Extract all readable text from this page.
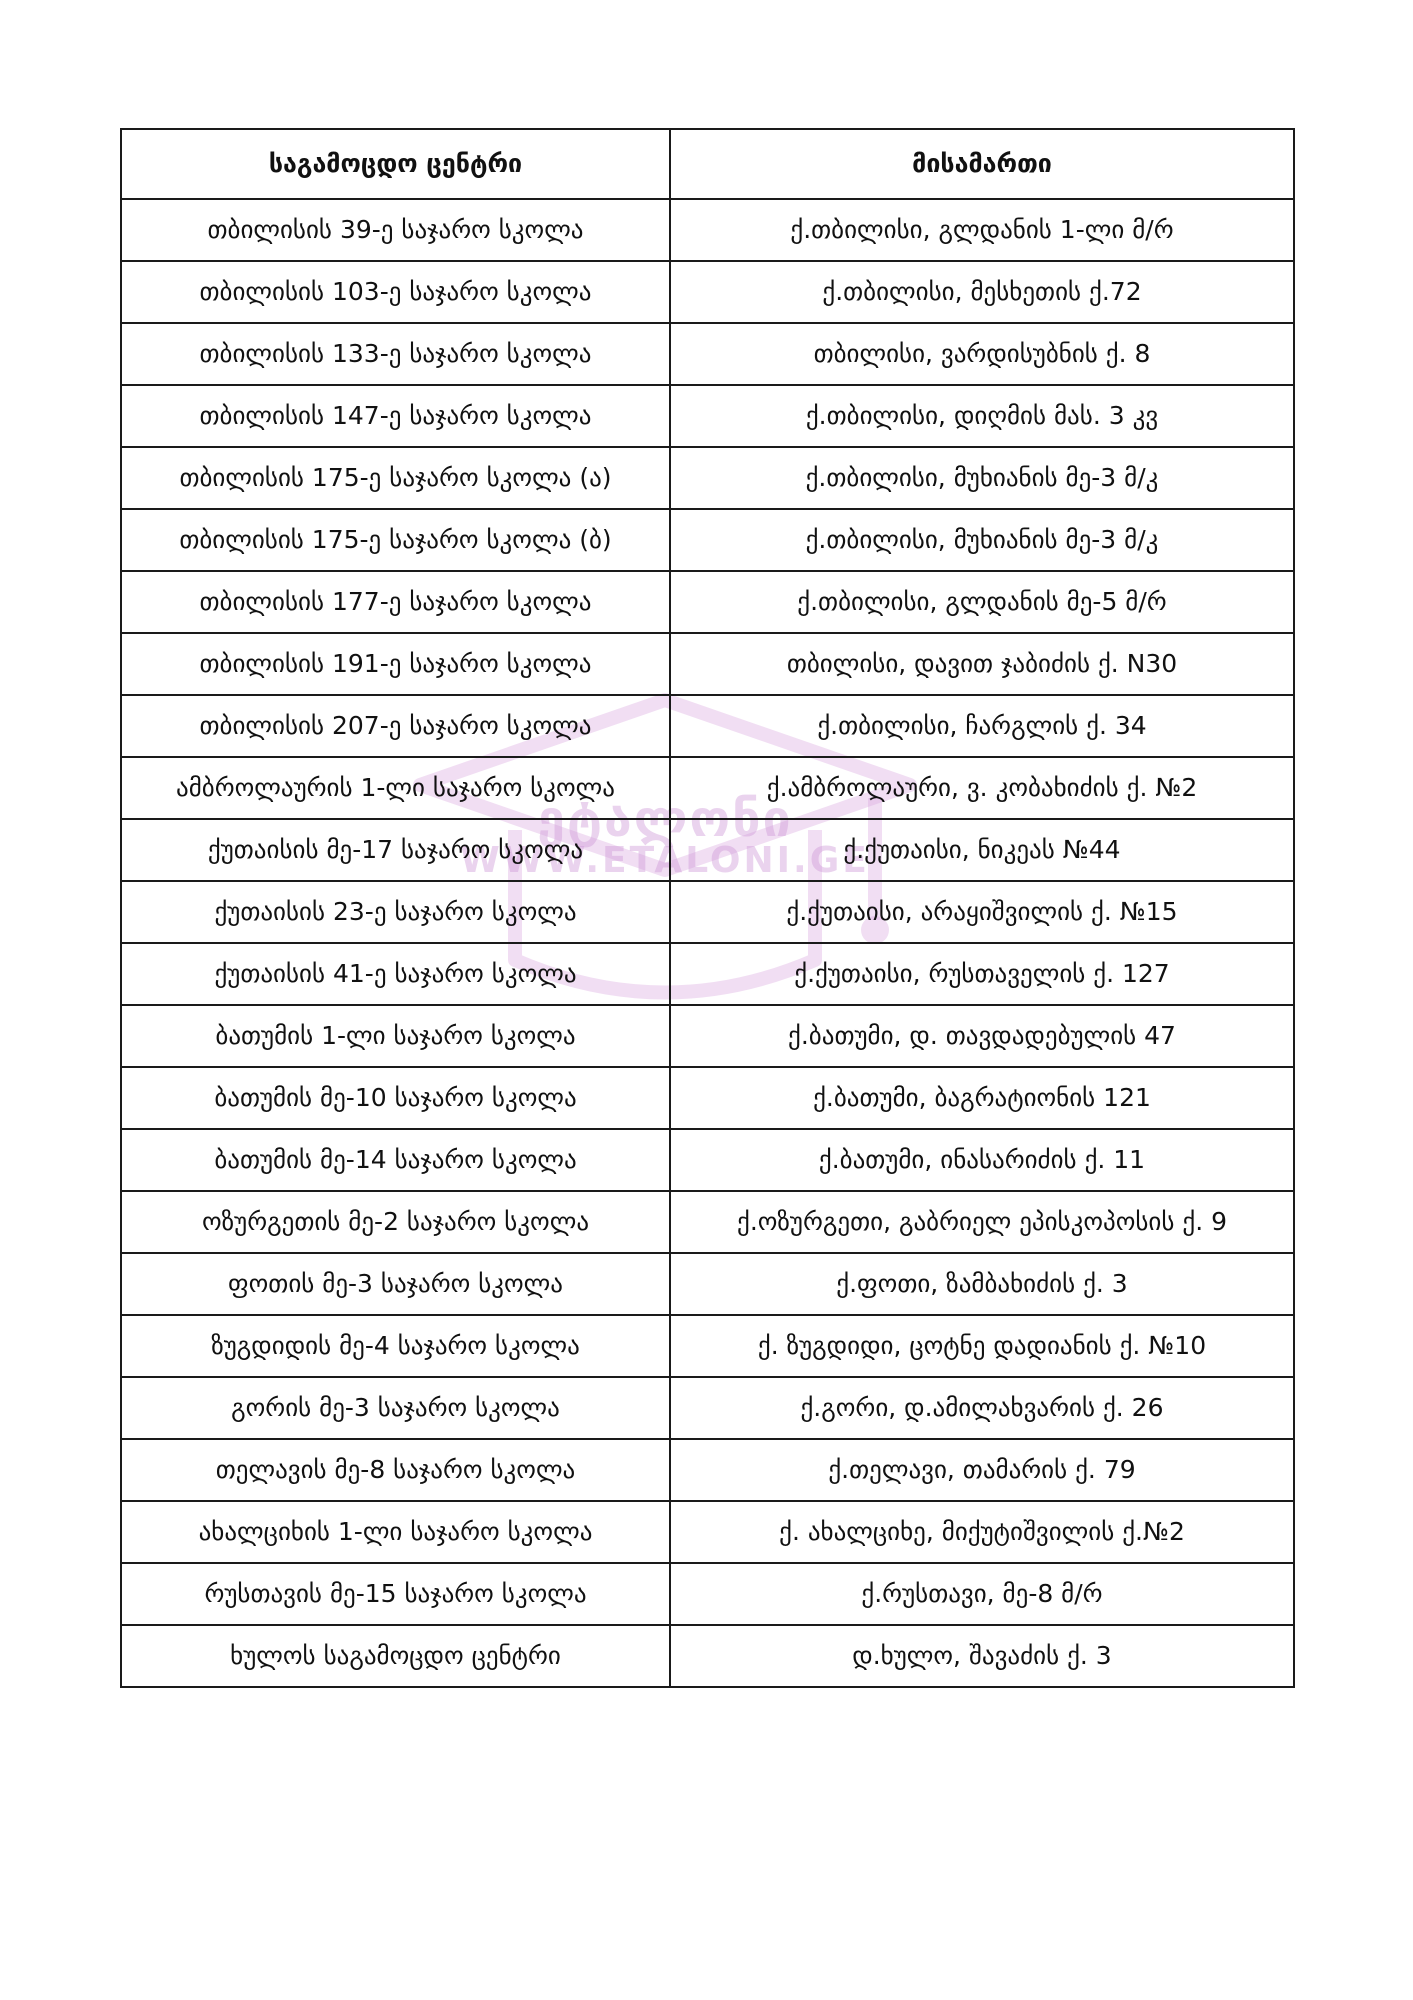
ეტალონი
WWW.ETALONI.GE
საგამოცდო ცენტრი	მისამართი
თბილისის 39-ე საჯარო სკოლა	ქ.თბილისი, გლდანის 1-ლი მ/რ
თბილისის 103-ე საჯარო სკოლა	ქ.თბილისი, მესხეთის ქ.72
თბილისის 133-ე საჯარო სკოლა	თბილისი, ვარდისუბნის ქ. 8
თბილისის 147-ე საჯარო სკოლა	ქ.თბილისი, დიღმის მას. 3 კვ
თბილისის 175-ე საჯარო სკოლა (ა)	ქ.თბილისი, მუხიანის მე-3 მ/კ
თბილისის 175-ე საჯარო სკოლა (ბ)	ქ.თბილისი, მუხიანის მე-3 მ/კ
თბილისის 177-ე საჯარო სკოლა	ქ.თბილისი, გლდანის მე-5 მ/რ
თბილისის 191-ე საჯარო სკოლა	თბილისი, დავით ჯაბიძის ქ. N30
თბილისის 207-ე საჯარო სკოლა	ქ.თბილისი, ჩარგლის ქ. 34
ამბროლაურის 1-ლი საჯარო სკოლა	ქ.ამბროლაური, ვ. კობახიძის ქ. №2
ქუთაისის მე-17 საჯარო სკოლა	ქ.ქუთაისი, ნიკეას №44
ქუთაისის 23-ე საჯარო სკოლა	ქ.ქუთაისი, არაყიშვილის ქ. №15
ქუთაისის 41-ე საჯარო სკოლა	ქ.ქუთაისი, რუსთაველის ქ. 127
ბათუმის 1-ლი საჯარო სკოლა	ქ.ბათუმი, დ. თავდადებულის 47
ბათუმის მე-10 საჯარო სკოლა	ქ.ბათუმი, ბაგრატიონის 121
ბათუმის მე-14 საჯარო სკოლა	ქ.ბათუმი, ინასარიძის ქ. 11
ოზურგეთის მე-2 საჯარო სკოლა	ქ.ოზურგეთი, გაბრიელ ეპისკოპოსის ქ. 9
ფოთის მე-3 საჯარო სკოლა	ქ.ფოთი, ზამბახიძის ქ. 3
ზუგდიდის მე-4 საჯარო სკოლა	ქ. ზუგდიდი, ცოტნე დადიანის ქ. №10
გორის მე-3 საჯარო სკოლა	ქ.გორი, დ.ამილახვარის ქ. 26
თელავის მე-8 საჯარო სკოლა	ქ.თელავი, თამარის ქ. 79
ახალციხის 1-ლი საჯარო სკოლა	ქ. ახალციხე, მიქუტიშვილის ქ.№2
რუსთავის მე-15 საჯარო სკოლა	ქ.რუსთავი, მე-8 მ/რ
ხულოს საგამოცდო ცენტრი	დ.ხულო, შავაძის ქ. 3
